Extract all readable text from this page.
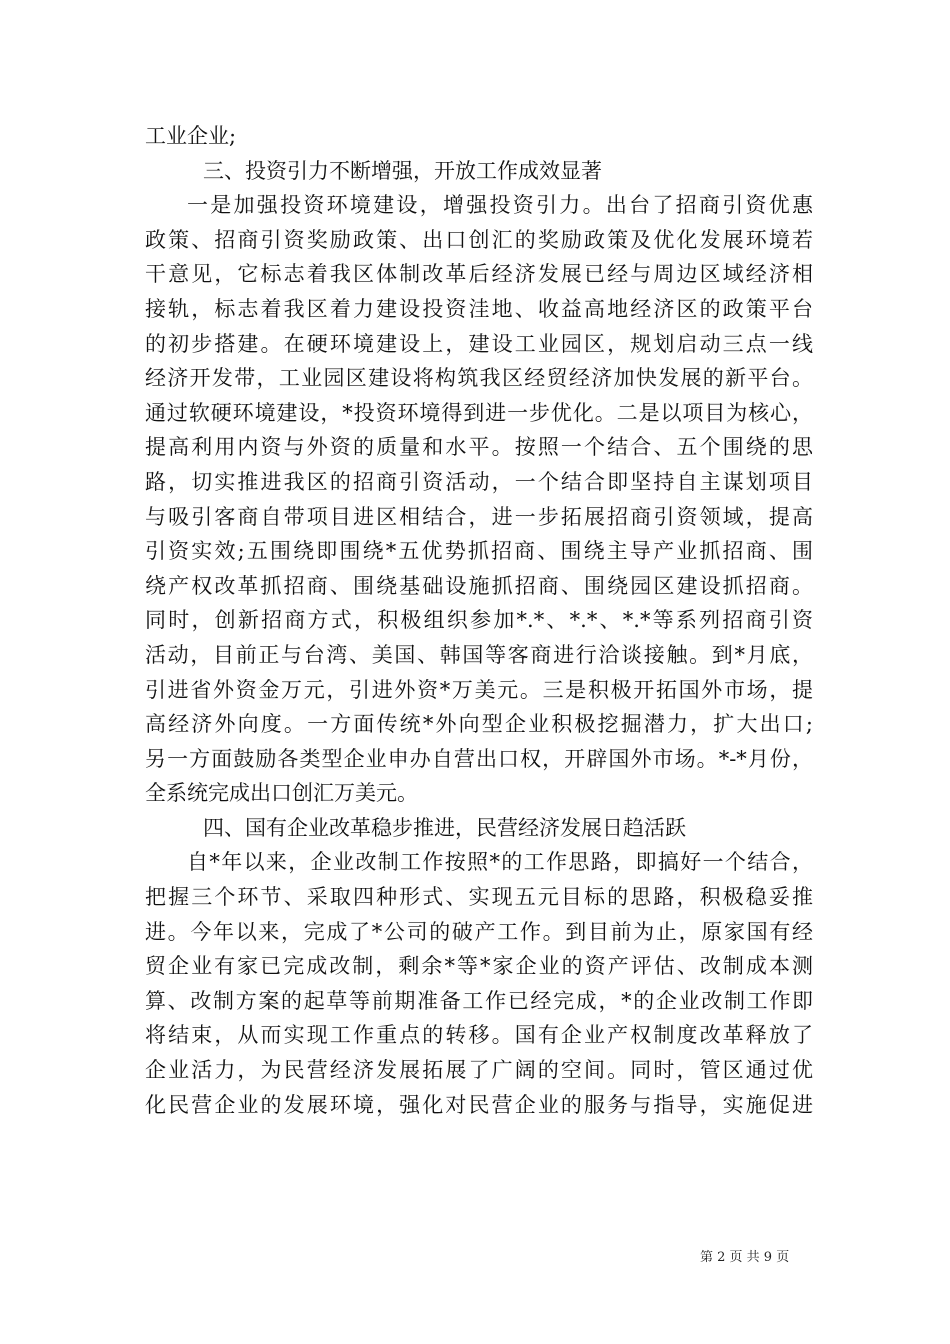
工业企业;
三、投资引力不断增强，开放工作成效显著
一是加强投资环境建设，增强投资引力。出台了招商引资优惠
政策、招商引资奖励政策、出口创汇的奖励政策及优化发展环境若
干意见，它标志着我区体制改革后经济发展已经与周边区域经济相
接轨，标志着我区着力建设投资洼地、收益高地经济区的政策平台
的初步搭建。在硬环境建设上，建设工业园区，规划启动三点一线
经济开发带，工业园区建设将构筑我区经贸经济加快发展的新平台。
通过软硬环境建设，*投资环境得到进一步优化。二是以项目为核心，
提高利用内资与外资的质量和水平。按照一个结合、五个围绕的思
路，切实推进我区的招商引资活动，一个结合即坚持自主谋划项目
与吸引客商自带项目进区相结合，进一步拓展招商引资领域，提高
引资实效;五围绕即围绕*五优势抓招商、围绕主导产业抓招商、围
绕产权改革抓招商、围绕基础设施抓招商、围绕园区建设抓招商。
同时，创新招商方式，积极组织参加*.*、*.*、*.*等系列招商引资
活动，目前正与台湾、美国、韩国等客商进行洽谈接触。到*月底，
引进省外资金万元，引进外资*万美元。三是积极开拓国外市场，提
高经济外向度。一方面传统*外向型企业积极挖掘潜力，扩大出口;
另一方面鼓励各类型企业申办自营出口权，开辟国外市场。*-*月份，
全系统完成出口创汇万美元。
四、国有企业改革稳步推进，民营经济发展日趋活跃
自*年以来，企业改制工作按照*的工作思路，即搞好一个结合，
把握三个环节、采取四种形式、实现五元目标的思路，积极稳妥推
进。今年以来，完成了*公司的破产工作。到目前为止，原家国有经
贸企业有家已完成改制，剩余*等*家企业的资产评估、改制成本测
算、改制方案的起草等前期准备工作已经完成，*的企业改制工作即
将结束，从而实现工作重点的转移。国有企业产权制度改革释放了
企业活力，为民营经济发展拓展了广阔的空间。同时，管区通过优
化民营企业的发展环境，强化对民营企业的服务与指导，实施促进
第 2 页 共 9 页
